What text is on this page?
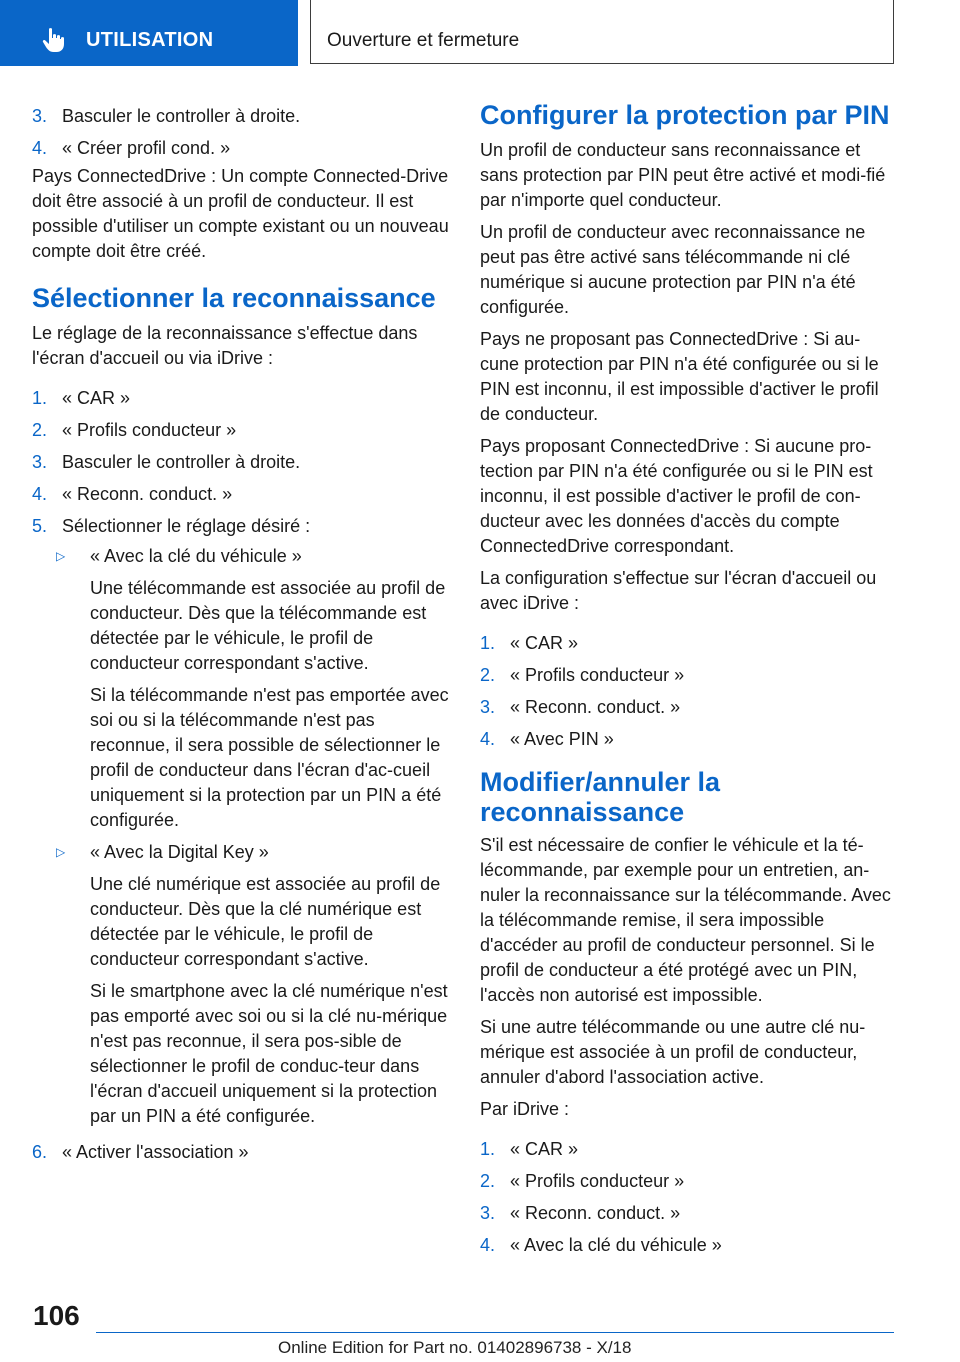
UTILISATION	Ouverture et fermeture
3. Basculer le controller à droite.
4. « Créer profil cond. »

Pays ConnectedDrive : Un compte Connected-Drive doit être associé à un profil de conducteur. Il est possible d'utiliser un compte existant ou un nouveau compte doit être créé.

Sélectionner la reconnaissance

Le réglage de la reconnaissance s'effectue dans l'écran d'accueil ou via iDrive :

1. « CAR »
2. « Profils conducteur »
3. Basculer le controller à droite.
4. « Reconn. conduct. »
5. Sélectionner le réglage désiré :
▷ « Avec la clé du véhicule »

Une télécommande est associée au profil de conducteur. Dès que la télécommande est détectée par le véhicule, le profil de conducteur correspondant s'active.

Si la télécommande n'est pas emportée avec soi ou si la télécommande n'est pas reconnue, il sera possible de sélectionner le profil de conducteur dans l'écran d'ac-cueil uniquement si la protection par un PIN a été configurée.

▷ « Avec la Digital Key »

Une clé numérique est associée au profil de conducteur. Dès que la clé numérique est détectée par le véhicule, le profil de conducteur correspondant s'active.

Si le smartphone avec la clé numérique n'est pas emporté avec soi ou si la clé nu-mérique n'est pas reconnue, il sera pos-sible de sélectionner le profil de conduc-teur dans l'écran d'accueil uniquement si la protection par un PIN a été configurée.

6. « Activer l'association »
Configurer la protection par PIN

Un profil de conducteur sans reconnaissance et sans protection par PIN peut être activé et modi-fié par n'importe quel conducteur.

Un profil de conducteur avec reconnaissance ne peut pas être activé sans télécommande ni clé numérique si aucune protection par PIN n'a été configurée.

Pays ne proposant pas ConnectedDrive : Si au-cune protection par PIN n'a été configurée ou si le PIN est inconnu, il est impossible d'activer le profil de conducteur.

Pays proposant ConnectedDrive : Si aucune pro-tection par PIN n'a été configurée ou si le PIN est inconnu, il est possible d'activer le profil de con-ducteur avec les données d'accès du compte ConnectedDrive correspondant.

La configuration s'effectue sur l'écran d'accueil ou avec iDrive :

1. « CAR »
2. « Profils conducteur »
3. « Reconn. conduct. »
4. « Avec PIN »
Modifier/annuler la reconnaissance

S'il est nécessaire de confier le véhicule et la té-lécommande, par exemple pour un entretien, an-nuler la reconnaissance sur la télécommande. Avec la télécommande remise, il sera impossible d'accéder au profil de conducteur personnel. Si le profil de conducteur a été protégé avec un PIN, l'accès non autorisé est impossible.

Si une autre télécommande ou une autre clé nu-mérique est associée à un profil de conducteur, annuler d'abord l'association active.

Par iDrive :

1. « CAR »
2. « Profils conducteur »
3. « Reconn. conduct. »
4. « Avec la clé du véhicule »
106
Online Edition for Part no. 01402896738 - X/18
